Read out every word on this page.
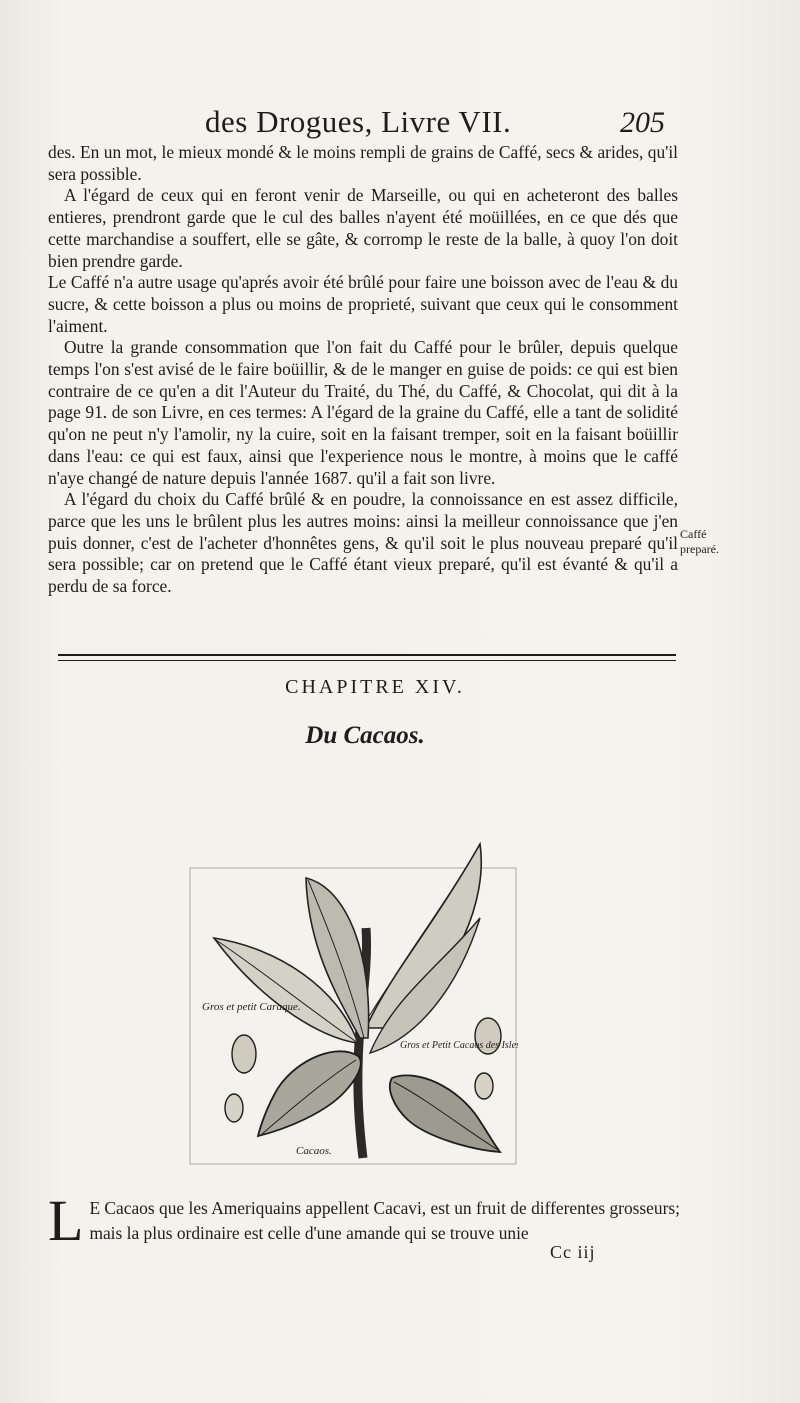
des Drogues, Livre VII.	205

des. En un mot, le mieux mondé & le moins rempli de grains de Caffé, secs & arides, qu'il sera possible.

A l'égard de ceux qui en feront venir de Marseille, ou qui en acheteront des balles entieres, prendront garde que le cul des balles n'ayent été moüillées, en ce que dés que cette marchandise a souffert, elle se gâte, & corromp le reste de la balle, à quoy l'on doit bien prendre garde.

Le Caffé n'a autre usage qu'aprés avoir été brûlé pour faire une boisson avec de l'eau & du sucre, & cette boisson a plus ou moins de proprieté, suivant que ceux qui le consomment l'aiment.

Outre la grande consommation que l'on fait du Caffé pour le brûler, depuis quelque temps l'on s'est avisé de le faire boüillir, & de le manger en guise de poids: ce qui est bien contraire de ce qu'en a dit l'Auteur du Traité, du Thé, du Caffé, & Chocolat, qui dit à la page 91. de son Livre, en ces termes: A l'égard de la graine du Caffé, elle a tant de solidité qu'on ne peut n'y l'amolir, ny la cuire, soit en la faisant tremper, soit en la faisant boüillir dans l'eau: ce qui est faux, ainsi que l'experience nous le montre, à moins que le caffé n'aye changé de nature depuis l'année 1687. qu'il a fait son livre.

A l'égard du choix du Caffé brûlé & en poudre, la connoissance en est assez difficile, parce que les uns le brûlent plus les autres moins: ainsi la meilleur connoissance que j'en puis donner, c'est de l'acheter d'honnêtes gens, & qu'il soit le plus nouveau preparé qu'il sera possible; car on pretend que le Caffé étant vieux preparé, qu'il est évanté & qu'il a perdu de sa force.

Caffé preparé.
CHAPITRE XIV.
Du Cacaos.
Gros et petit Caraque.
Gros et Petit Cacaos des Isles.
Cacaos.
L E Cacaos que les Ameriquains appellent Cacavi, est un fruit de differentes grosseurs; mais la plus ordinaire est celle d'une amande qui se trouve unie
Cc iij
